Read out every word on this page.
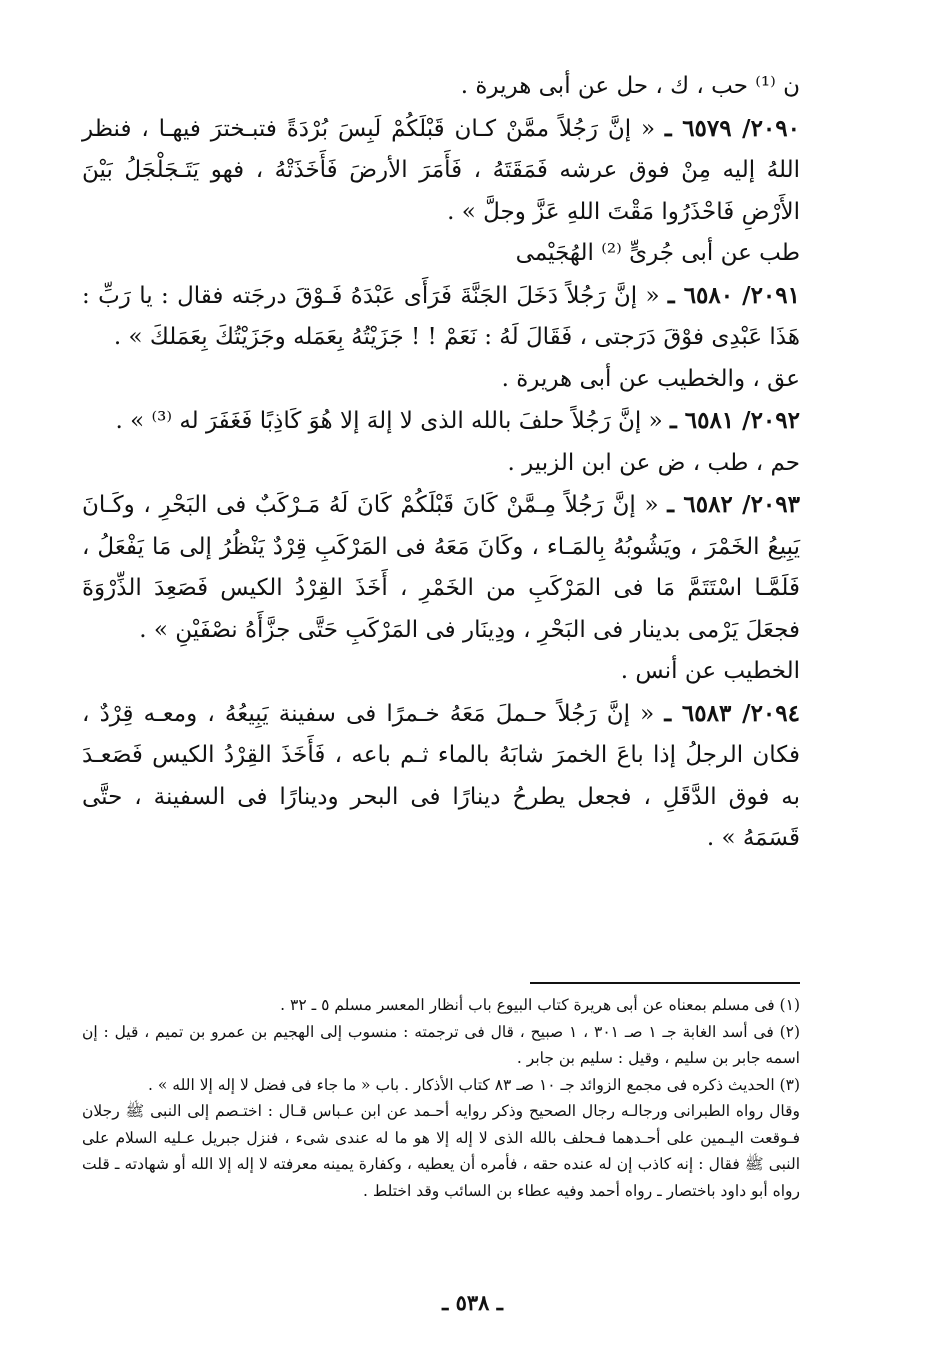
ن ⁽¹⁾ حب ، ك ، حل عن أبى هريرة .

٢٠٩٠/ ٦٥٧٩ ـ « إنَّ رَجُلاً ممَّنْ كـان قَبْلَكُمْ لَبِسَ بُرْدَةً فتبـخترَ فيهـا ، فنظر اللهُ إليه مِنْ فوق عرشه فَمَقَتَهُ ، فَأَمَرَ الأرضَ فَأَخَذَتْهُ ، فهو يَتَـجَلْجَلُ بَيْنَ الأَرْضِ فَاحْذَرُوا مَقْتَ اللهِ عَزَّ وجلَّ » .

طب عن أبى جُرىٍّ ⁽²⁾ الهُجَيْمى

٢٠٩١/ ٦٥٨٠ ـ « إنَّ رَجُلاً دَخَلَ الجَنَّةَ فَرَأَى عَبْدَهُ فَـوْقَ درجَته فقال : يا رَبِّ : هَذَا عَبْدِى فوْقَ دَرَجتى ، فَقَالَ لَهُ : نَعَمْ ! ! جَزَيْتُهُ بِعَمَله وجَزَيْتُكَ بِعَمَلكَ » .

عق ، والخطيب عن أبى هريرة .

٢٠٩٢/ ٦٥٨١ ـ « إنَّ رَجُلاً حلفَ بالله الذى لا إلهَ إلا هُوَ كَاذِبًا فَغَفَرَ له ⁽³⁾ » .

حم ، طب ، ض عن ابن الزبير .

٢٠٩٣/ ٦٥٨٢ ـ « إنَّ رَجُلاً مِـمَّنْ كَانَ قَبْلَكُمْ كَانَ لَهُ مَـرْكَبٌ فى البَحْرِ ، وكَـانَ يَبِيعُ الخَمْرَ ، ويَشُوبُهُ بِالمَـاء ، وكَانَ مَعَهُ فى المَرْكَبِ قِرْدٌ يَنْظُرُ إلى مَا يَفْعَلُ ، فَلَمَّـا اسْتَتَمَّ مَا فى المَرْكَبِ من الخَمْرِ ، أَخَذَ القِرْدُ الكيس فَصَعِدَ الذِّرْوَةَ فجعَلَ يَرْمى بدينار فى البَحْرِ ، ودِينَار فى المَرْكَبِ حَتَّى جزَّأَهُ نصْفَيْنِ » .

الخطيب عن أنس .

٢٠٩٤/ ٦٥٨٣ ـ « إنَّ رَجُلاً حـملَ مَعَهُ خـمرًا فى سفينة يَبِيعُهُ ، ومعـه قِرْدٌ ، فكان الرجلُ إذا باعَ الخمرَ شابَهُ بالماء ثـم باعه ، فَأَخَذَ القِرْدُ الكيس فَصَعـدَ به فوق الدَّقَلِ ، فجعل يطرحُ دينارًا فى البحر ودينارًا فى السفينة ، حتَّى قَسَمَهُ » .

(١) فى مسلم بمعناه عن أبى هريرة كتاب البيوع باب أنظار المعسر مسلم ٥ ـ ٣٢ .

(٢) فى أسد الغابة جـ ١ صـ ٣٠١ ، ١ صبيح ، قال فى ترجمته : منسوب إلى الهجيم بن عمرو بن تميم ، قيل : إن اسمه جابر بن سليم ، وقيل : سليم بن جابر .

(٣) الحديث ذكره فى مجمع الزوائد جـ ١٠ صـ ٨٣ كتاب الأذكار . باب « ما جاء فى فضل لا إله إلا الله » .

وقال رواه الطبرانى ورجالـه رجال الصحيح وذكر روايه أحـمد عن ابن عـباس قـال : اختـصم إلى النبى ﷺ رجلان فـوقعت اليـمين على أحـدهما فـحلف بالله الذى لا إله إلا هو ما له عندى شىء ، فنزل جبريل عـليه السلام على النبى ﷺ فقال : إنه كاذب إن له عنده حقه ، فأمره أن يعطيه ، وكفارة يمينه معرفته لا إله إلا الله أو شهادته ـ قلت رواه أبو داود باختصار ـ رواه أحمد وفيه عطاء بن السائب وقد اختلط .

ـ ٥٣٨ ـ
